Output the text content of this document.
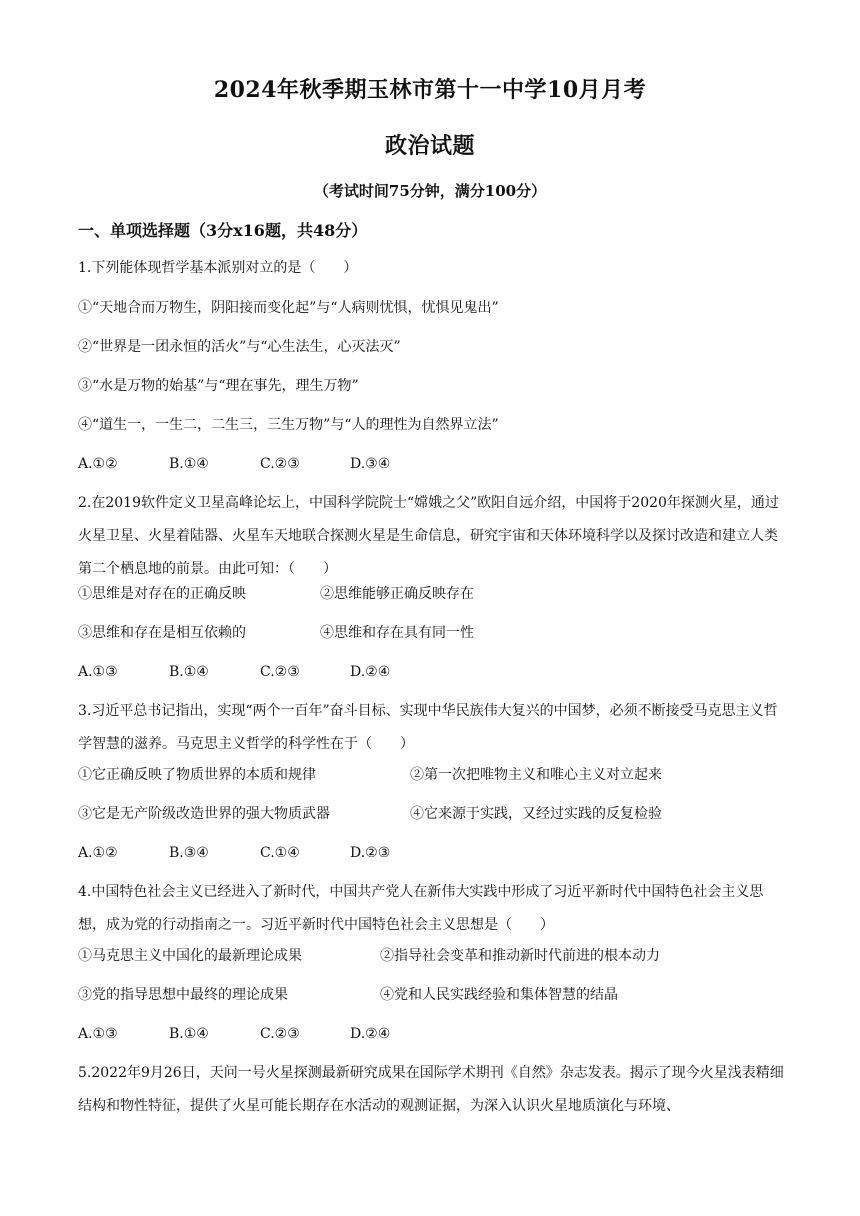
2024年秋季期玉林市第十一中学10月月考
政治试题
（考试时间75分钟，满分100分）
一、单项选择题（3分x16题，共48分）
1.下列能体现哲学基本派别对立的是（　　）
①“天地合而万物生，阴阳接而变化起”与“人病则忧惧，忧惧见鬼出”
②“世界是一团永恒的活火”与“心生法生，心灭法灭”
③“水是万物的始基”与“理在事先，理生万物”
④“道生一，一生二，二生三，三生万物”与“人的理性为自然界立法”
A.①②	B.①④	C.②③	D.③④
2.在2019软件定义卫星高峰论坛上，中国科学院院士“嫦娥之父”欧阳自远介绍，中国将于2020年探测火星，通过火星卫星、火星着陆器、火星车天地联合探测火星是生命信息，研究宇宙和天体环境科学以及探讨改造和建立人类第二个栖息地的前景。由此可知：（　　）
①思维是对存在的正确反映	②思维能够正确反映存在
③思维和存在是相互依赖的	④思维和存在具有同一性
A.①③	B.①④	C.②③	D.②④
3.习近平总书记指出，实现“两个一百年”奋斗目标、实现中华民族伟大复兴的中国梦，必须不断接受马克思主义哲学智慧的滋养。马克思主义哲学的科学性在于（　　）
①它正确反映了物质世界的本质和规律	②第一次把唯物主义和唯心主义对立起来
③它是无产阶级改造世界的强大物质武器	④它来源于实践，又经过实践的反复检验
A.①②	B.③④	C.①④	D.②③
4.中国特色社会主义已经进入了新时代，中国共产党人在新伟大实践中形成了习近平新时代中国特色社会主义思想，成为党的行动指南之一。习近平新时代中国特色社会主义思想是（　　）
①马克思主义中国化的最新理论成果	②指导社会变革和推动新时代前进的根本动力
③党的指导思想中最终的理论成果	④党和人民实践经验和集体智慧的结晶
A.①③	B.①④	C.②③	D.②④
5.2022年9月26日，天问一号火星探测最新研究成果在国际学术期刊《自然》杂志发表。揭示了现今火星浅表精细结构和物性特征，提供了火星可能长期存在水活动的观测证据，为深入认识火星地质演化与环境、
